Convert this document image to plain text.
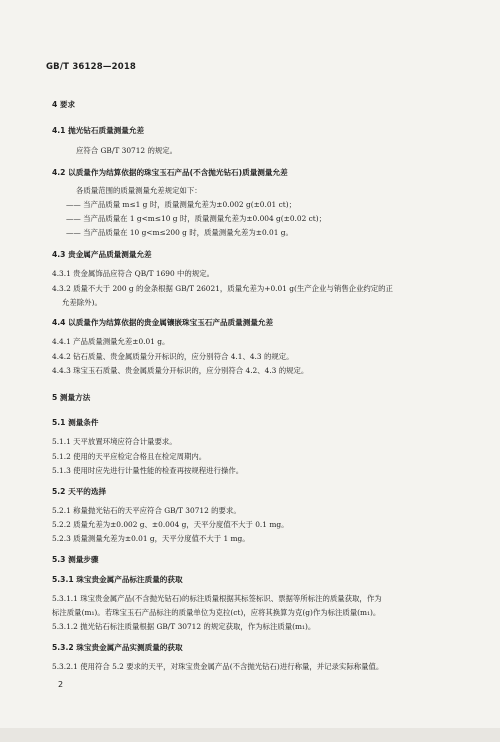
GB/T 36128—2018
4 要求
4.1 抛光钻石质量测量允差
应符合 GB/T 30712 的规定。
4.2 以质量作为结算依据的珠宝玉石产品(不含抛光钻石)质量测量允差
各质量范围的质量测量允差规定如下：
—— 当产品质量 m≤1 g 时，质量测量允差为±0.002 g(±0.01 ct)；
—— 当产品质量在 1 g<m≤10 g 时，质量测量允差为±0.004 g(±0.02 ct)；
—— 当产品质量在 10 g<m≤200 g 时，质量测量允差为±0.01 g。
4.3 贵金属产品质量测量允差
4.3.1 贵金属饰品应符合 QB/T 1690 中的规定。
4.3.2 质量不大于 200 g 的金条根据 GB/T 26021，质量允差为+0.01 g(生产企业与销售企业约定的正
允差除外)。
4.4 以质量作为结算依据的贵金属镶嵌珠宝玉石产品质量测量允差
4.4.1 产品质量测量允差±0.01 g。
4.4.2 钻石质量、贵金属质量分开标识的，应分别符合 4.1、4.3 的规定。
4.4.3 珠宝玉石质量、贵金属质量分开标识的，应分别符合 4.2、4.3 的规定。
5 测量方法
5.1 测量条件
5.1.1 天平放置环境应符合计量要求。
5.1.2 使用的天平应检定合格且在检定周期内。
5.1.3 使用时应先进行计量性能的检查再按规程进行操作。
5.2 天平的选择
5.2.1 称量抛光钻石的天平应符合 GB/T 30712 的要求。
5.2.2 质量允差为±0.002 g、±0.004 g，天平分度值不大于 0.1 mg。
5.2.3 质量测量允差为±0.01 g，天平分度值不大于 1 mg。
5.3 测量步骤
5.3.1 珠宝贵金属产品标注质量的获取
5.3.1.1 珠宝贵金属产品(不含抛光钻石)的标注质量根据其标签标识、票据等所标注的质量获取，作为
标注质量(m₁)。若珠宝玉石产品标注的质量单位为克拉(ct)，应将其换算为克(g)作为标注质量(m₁)。
5.3.1.2 抛光钻石标注质量根据 GB/T 30712 的规定获取，作为标注质量(m₁)。
5.3.2 珠宝贵金属产品实测质量的获取
5.3.2.1 使用符合 5.2 要求的天平，对珠宝贵金属产品(不含抛光钻石)进行称量，并记录实际称量值。
2
